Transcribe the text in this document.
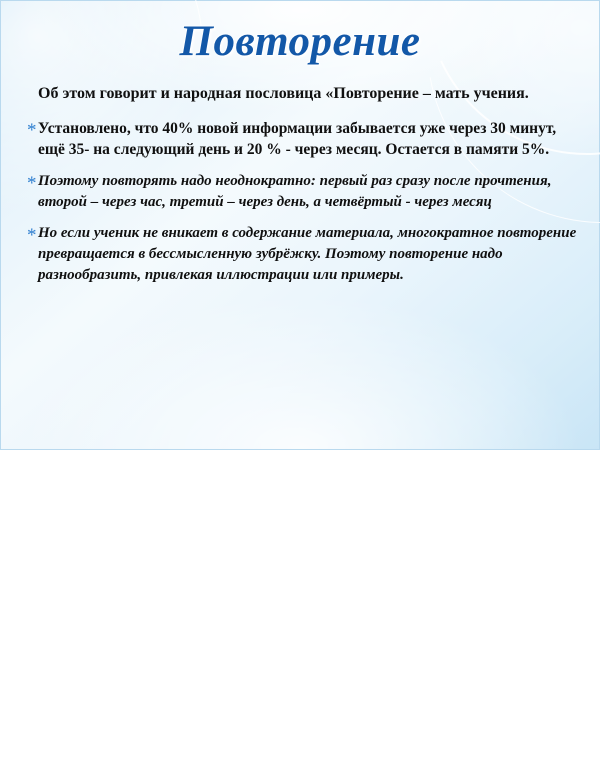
Повторение
Об этом говорит и народная пословица «Повторение – мать учения.
* Установлено, что 40% новой информации забывается уже через 30 минут, ещё 35- на следующий день и 20 % - через месяц. Остается в памяти 5%.
* Поэтому повторять надо неоднократно: первый раз сразу после прочтения, второй – через час, третий – через день, а четвёртый - через месяц
* Но если ученик не вникает в содержание материала, многократное повторение превращается в бессмысленную зубрёжку. Поэтому повторение надо разнообразить, привлекая иллюстрации или примеры.
